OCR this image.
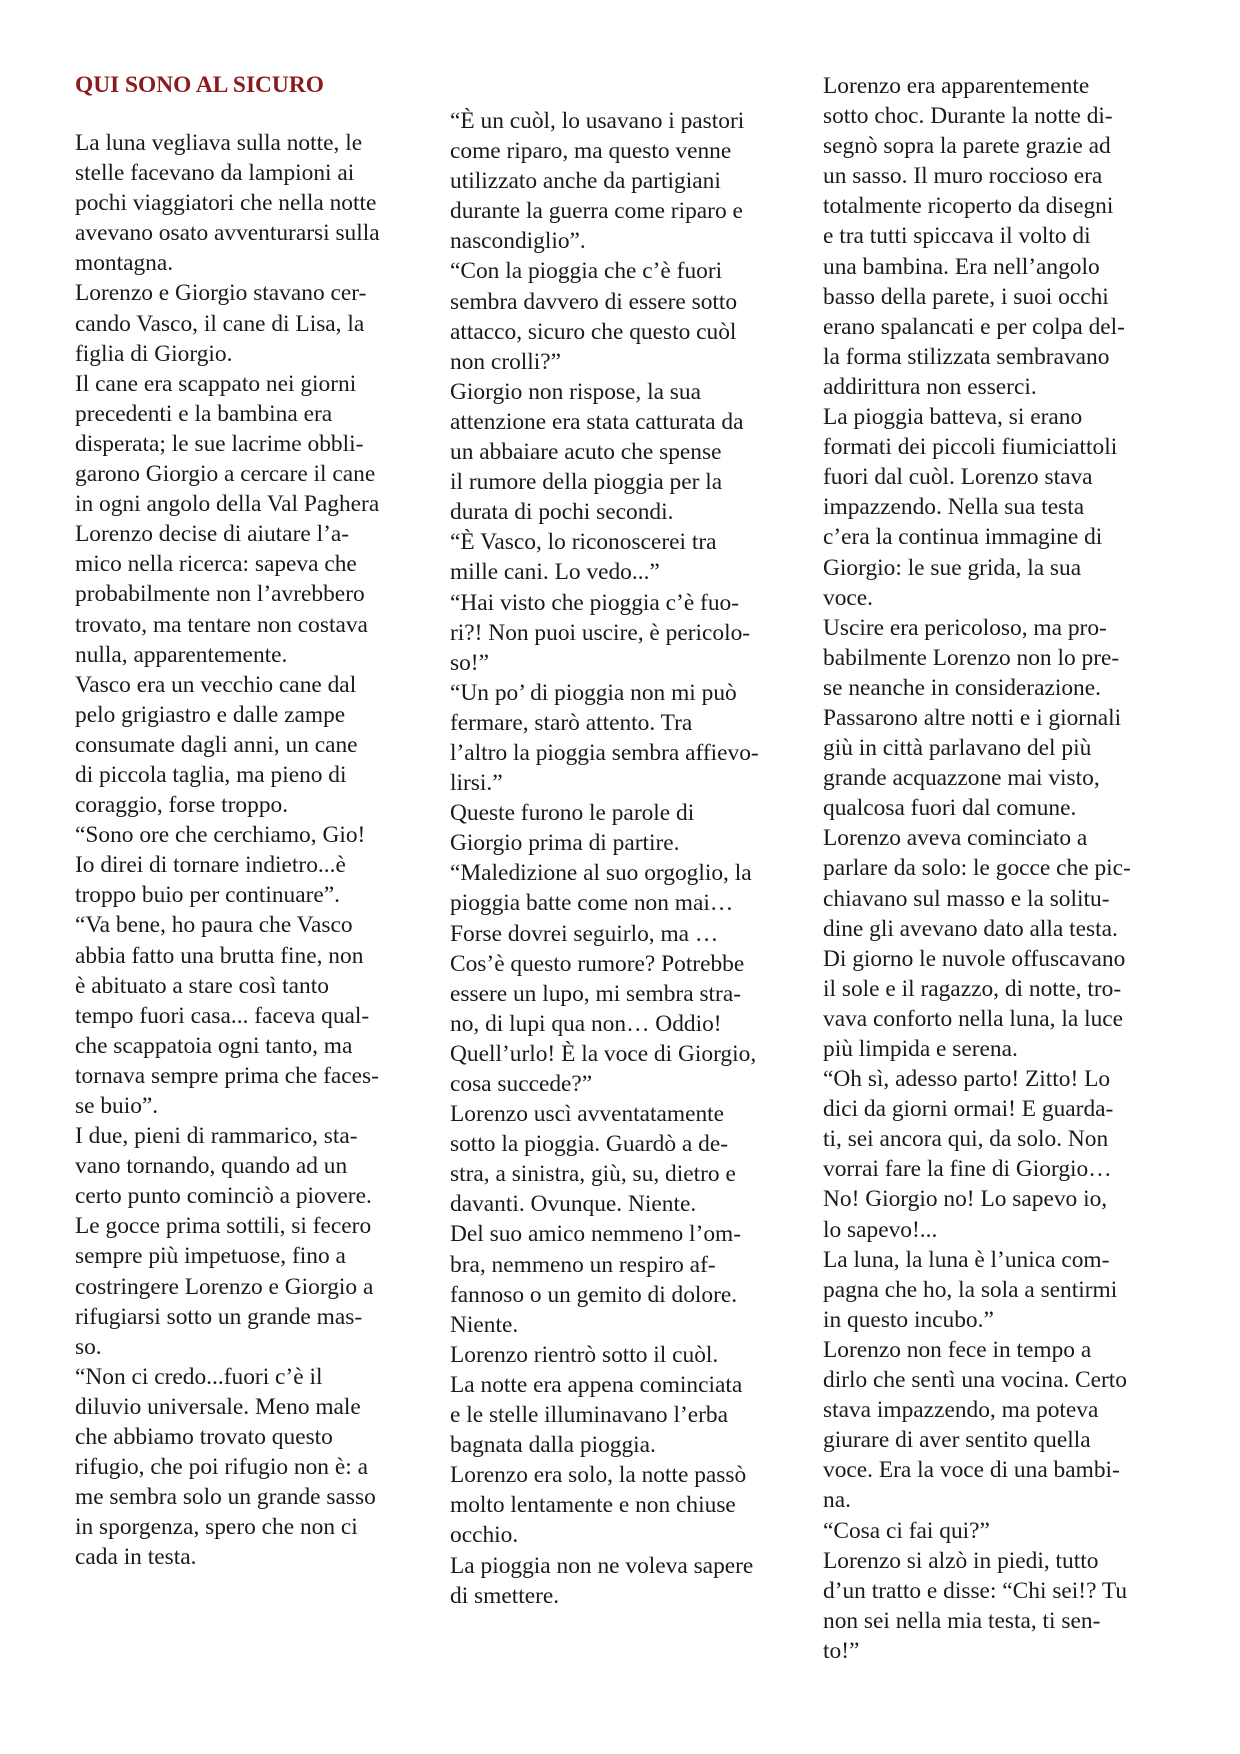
QUI SONO AL SICURO

La luna vegliava sulla notte, le

stelle facevano da lampioni ai

pochi viaggiatori che nella notte

avevano osato avventurarsi sulla

montagna.

Lorenzo e Giorgio stavano cer-

cando Vasco, il cane di Lisa, la

figlia di Giorgio.

Il cane era scappato nei giorni

precedenti e la bambina era

disperata; le sue lacrime obbli-

garono Giorgio a cercare il cane

in ogni angolo della Val Paghera

Lorenzo decise di aiutare l’a-

mico nella ricerca: sapeva che

probabilmente non l’avrebbero

trovato, ma tentare non costava

nulla, apparentemente.

Vasco era un vecchio cane dal

pelo grigiastro e dalle zampe

consumate dagli anni, un cane

di piccola taglia, ma pieno di

coraggio, forse troppo.

“Sono ore che cerchiamo, Gio!

Io direi di tornare indietro...è

troppo buio per continuare”.

“Va bene, ho paura che Vasco

abbia fatto una brutta fine, non

è abituato a stare così tanto

tempo fuori casa... faceva qual-

che scappatoia ogni tanto, ma

tornava sempre prima che faces-

se buio”.

I due, pieni di rammarico, sta-

vano tornando, quando ad un

certo punto cominciò a piovere.

Le gocce prima sottili, si fecero

sempre più impetuose, fino a

costringere Lorenzo e Giorgio a

rifugiarsi sotto un grande mas-

so.

“Non ci credo...fuori c’è il

diluvio universale. Meno male

che abbiamo trovato questo

rifugio, che poi rifugio non è: a

me sembra solo un grande sasso

in sporgenza, spero che non ci

cada in testa.

“È un cuòl, lo usavano i pastori

come riparo, ma questo venne

utilizzato anche da partigiani

durante la guerra come riparo e

nascondiglio”.

“Con la pioggia che c’è fuori

sembra davvero di essere sotto

attacco, sicuro che questo cuòl

non crolli?”

Giorgio non rispose, la sua

attenzione era stata catturata da

un abbaiare acuto che spense

il rumore della pioggia per la

durata di pochi secondi.

“È Vasco, lo riconoscerei tra

mille cani. Lo vedo...”

“Hai visto che pioggia c’è fuo-

ri?! Non puoi uscire, è pericolo-

so!”

“Un po’ di pioggia non mi può

fermare, starò attento. Tra

l’altro la pioggia sembra affievo-

lirsi.”

Queste furono le parole di

Giorgio prima di partire.

“Maledizione al suo orgoglio, la

pioggia batte come non mai…

Forse dovrei seguirlo, ma …

Cos’è questo rumore? Potrebbe

essere un lupo, mi sembra stra-

no, di lupi qua non… Oddio!

Quell’urlo! È la voce di Giorgio,

cosa succede?”

Lorenzo uscì avventatamente

sotto la pioggia. Guardò a de-

stra, a sinistra, giù, su, dietro e

davanti. Ovunque. Niente.

Del suo amico nemmeno l’om-

bra, nemmeno un respiro af-

fannoso o un gemito di dolore.

Niente.

Lorenzo rientrò sotto il cuòl.

La notte era appena cominciata

e le stelle illuminavano l’erba

bagnata dalla pioggia.

Lorenzo era solo, la notte passò

molto lentamente e non chiuse

occhio.

La pioggia non ne voleva sapere

di smettere.

Lorenzo era apparentemente

sotto choc. Durante la notte di-

segnò sopra la parete grazie ad

un sasso. Il muro roccioso era

totalmente ricoperto da disegni

e tra tutti spiccava il volto di

una bambina. Era nell’angolo

basso della parete, i suoi occhi

erano spalancati e per colpa del-

la forma stilizzata sembravano

addirittura non esserci.

La pioggia batteva, si erano

formati dei piccoli fiumiciattoli

fuori dal cuòl. Lorenzo stava

impazzendo. Nella sua testa

c’era la continua immagine di

Giorgio: le sue grida, la sua

voce.

Uscire era pericoloso, ma pro-

babilmente Lorenzo non lo pre-

se neanche in considerazione.

Passarono altre notti e i giornali

giù in città parlavano del più

grande acquazzone mai visto,

qualcosa fuori dal comune.

Lorenzo aveva cominciato a

parlare da solo: le gocce che pic-

chiavano sul masso e la solitu-

dine gli avevano dato alla testa.

Di giorno le nuvole offuscavano

il sole e il ragazzo, di notte, tro-

vava conforto nella luna, la luce

più limpida e serena.

“Oh sì, adesso parto! Zitto! Lo

dici da giorni ormai! E guarda-

ti, sei ancora qui, da solo. Non

vorrai fare la fine di Giorgio…

No! Giorgio no! Lo sapevo io,

lo sapevo!...

La luna, la luna è l’unica com-

pagna che ho, la sola a sentirmi

in questo incubo.”

Lorenzo non fece in tempo a

dirlo che sentì una vocina. Certo

stava impazzendo, ma poteva

giurare di aver sentito quella

voce. Era la voce di una bambi-

na.

“Cosa ci fai qui?”

Lorenzo si alzò in piedi, tutto

d’un tratto e disse: “Chi sei!? Tu

non sei nella mia testa, ti sen-

to!”
